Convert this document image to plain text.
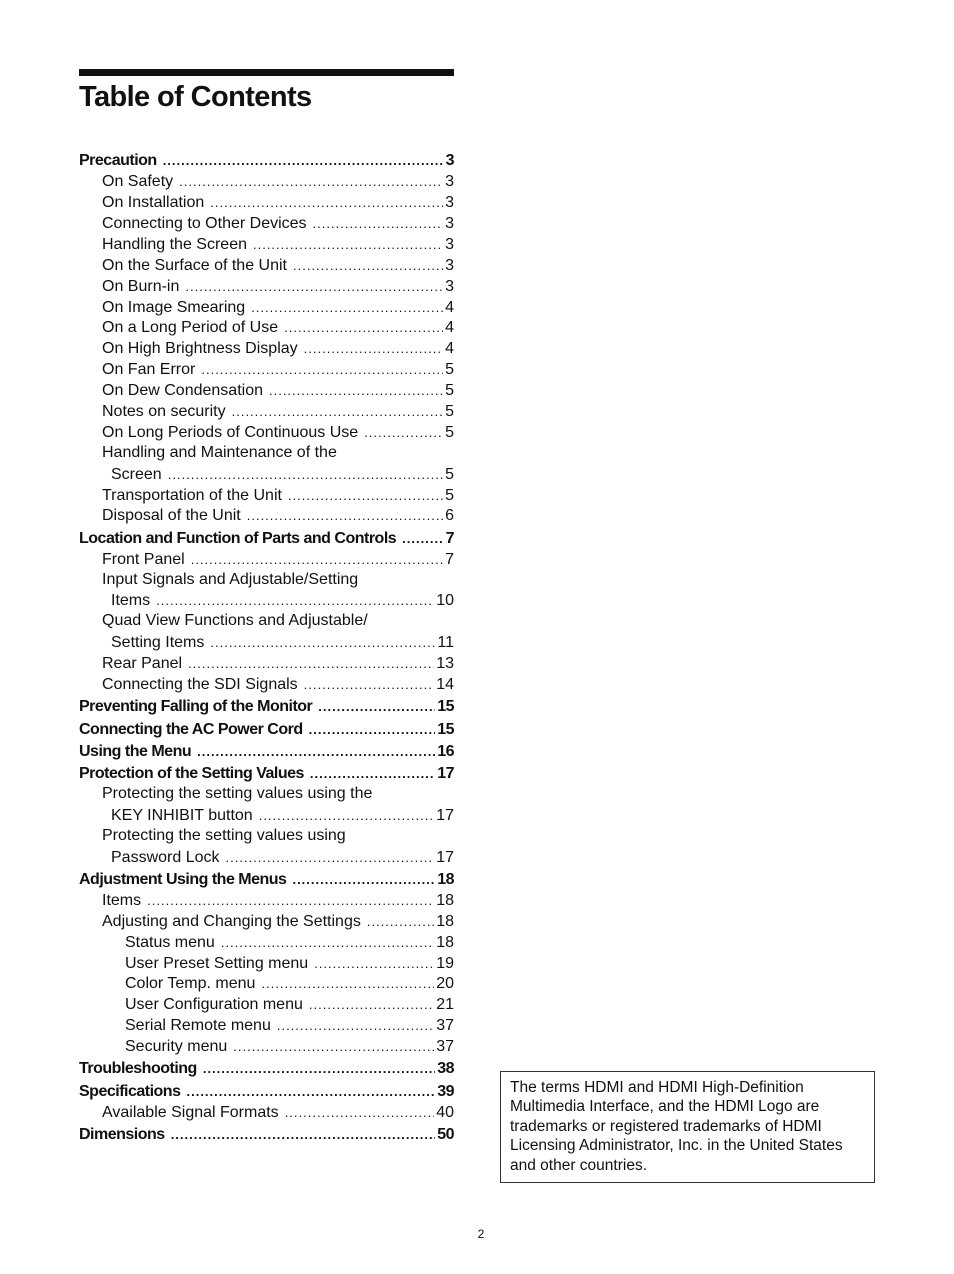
Table of Contents
Precaution .....	3
On Safety .....	3
On Installation .....	3
Connecting to Other Devices .....	3
Handling the Screen .....	3
On the Surface of the Unit .....	3
On Burn-in .....	3
On Image Smearing .....	4
On a Long Period of Use .....	4
On High Brightness Display .....	4
On Fan Error .....	5
On Dew Condensation .....	5
Notes on security .....	5
On Long Periods of Continuous Use .....	5
Handling and Maintenance of the
Screen .....	5
Transportation of the Unit .....	5
Disposal of the Unit .....	6
Location and Function of Parts and Controls .....	7
Front Panel .....	7
Input Signals and Adjustable/Setting
Items .....	10
Quad View Functions and Adjustable/
Setting Items .....	11
Rear Panel .....	13
Connecting the SDI Signals .....	14
Preventing Falling of the Monitor .....	15
Connecting the AC Power Cord .....	15
Using the Menu .....	16
Protection of the Setting Values .....	17
Protecting the setting values using the
KEY INHIBIT button .....	17
Protecting the setting values using
Password Lock .....	17
Adjustment Using the Menus .....	18
Items .....	18
Adjusting and Changing the Settings .....	18
Status menu .....	18
User Preset Setting menu .....	19
Color Temp. menu .....	20
User Configuration menu .....	21
Serial Remote menu .....	37
Security menu .....	37
Troubleshooting .....	38
Specifications .....	39
Available Signal Formats .....	40
Dimensions .....	50
The terms HDMI and HDMI High-Definition Multimedia Interface, and the HDMI Logo are trademarks or registered trademarks of HDMI Licensing Administrator, Inc. in the United States and other countries.
2
